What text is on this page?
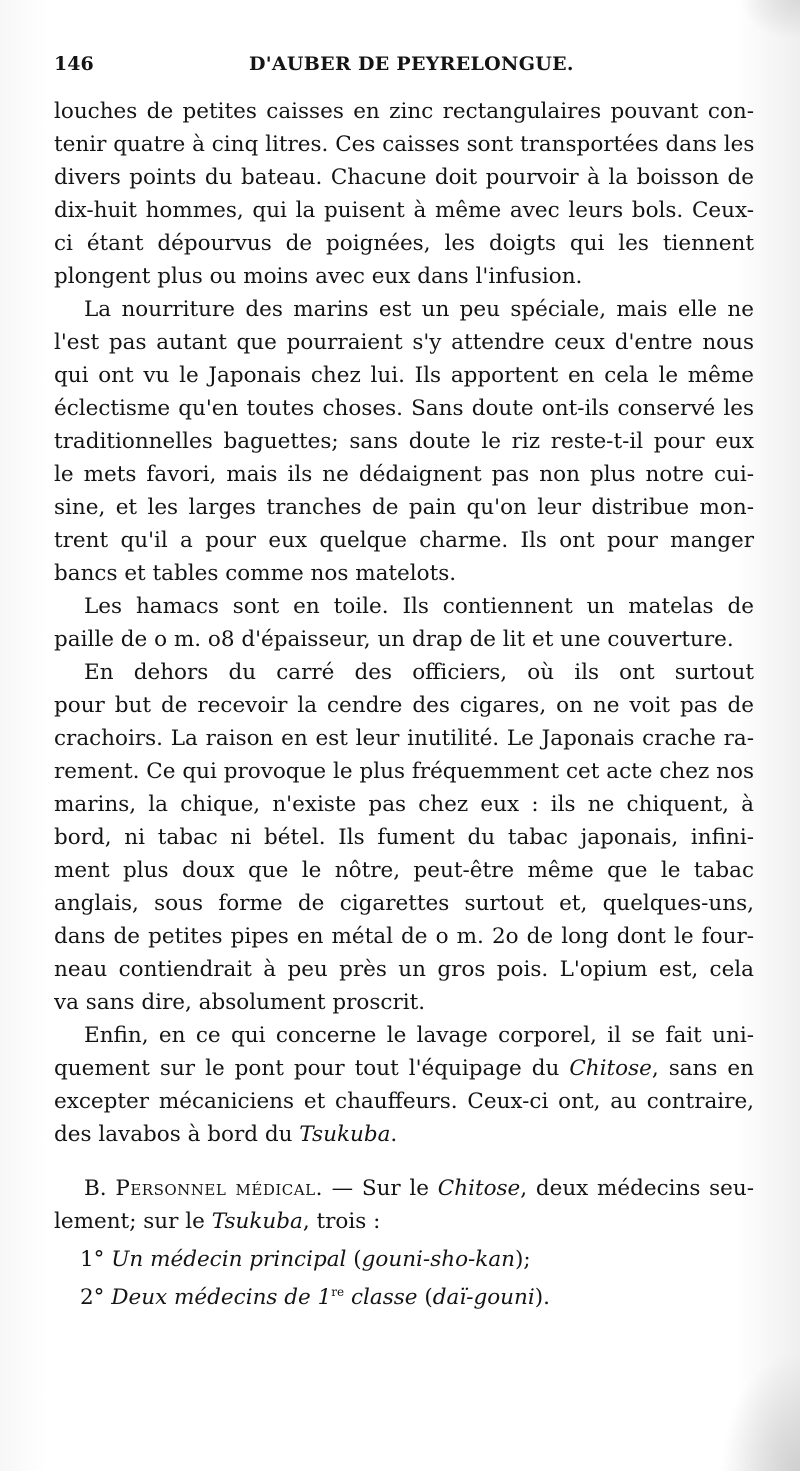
146	D'AUBER DE PEYRELONGUE.
louches de petites caisses en zinc rectangulaires pouvant con-
tenir quatre à cinq litres. Ces caisses sont transportées dans les
divers points du bateau. Chacune doit pourvoir à la boisson de
dix-huit hommes, qui la puisent à même avec leurs bols. Ceux-
ci étant dépourvus de poignées, les doigts qui les tiennent
plongent plus ou moins avec eux dans l'infusion.
La nourriture des marins est un peu spéciale, mais elle ne
l'est pas autant que pourraient s'y attendre ceux d'entre nous
qui ont vu le Japonais chez lui. Ils apportent en cela le même
éclectisme qu'en toutes choses. Sans doute ont-ils conservé les
traditionnelles baguettes; sans doute le riz reste-t-il pour eux
le mets favori, mais ils ne dédaignent pas non plus notre cui-
sine, et les larges tranches de pain qu'on leur distribue mon-
trent qu'il a pour eux quelque charme. Ils ont pour manger
bancs et tables comme nos matelots.
Les hamacs sont en toile. Ils contiennent un matelas de
paille de o m. o8 d'épaisseur, un drap de lit et une couverture.
En dehors du carré des officiers, où ils ont surtout
pour but de recevoir la cendre des cigares, on ne voit pas de
crachoirs. La raison en est leur inutilité. Le Japonais crache ra-
rement. Ce qui provoque le plus fréquemment cet acte chez nos
marins, la chique, n'existe pas chez eux : ils ne chiquent, à
bord, ni tabac ni bétel. Ils fument du tabac japonais, infini-
ment plus doux que le nôtre, peut-être même que le tabac
anglais, sous forme de cigarettes surtout et, quelques-uns,
dans de petites pipes en métal de o m. 2o de long dont le four-
neau contiendrait à peu près un gros pois. L'opium est, cela
va sans dire, absolument proscrit.
Enfin, en ce qui concerne le lavage corporel, il se fait uni-
quement sur le pont pour tout l'équipage du Chitose, sans en
excepter mécaniciens et chauffeurs. Ceux-ci ont, au contraire,
des lavabos à bord du Tsukuba.
B. Personnel médical. — Sur le Chitose, deux médecins seu-
lement; sur le Tsukuba, trois :
1° Un médecin principal (gouni-sho-kan);
2° Deux médecins de 1re classe (daï-gouni).
